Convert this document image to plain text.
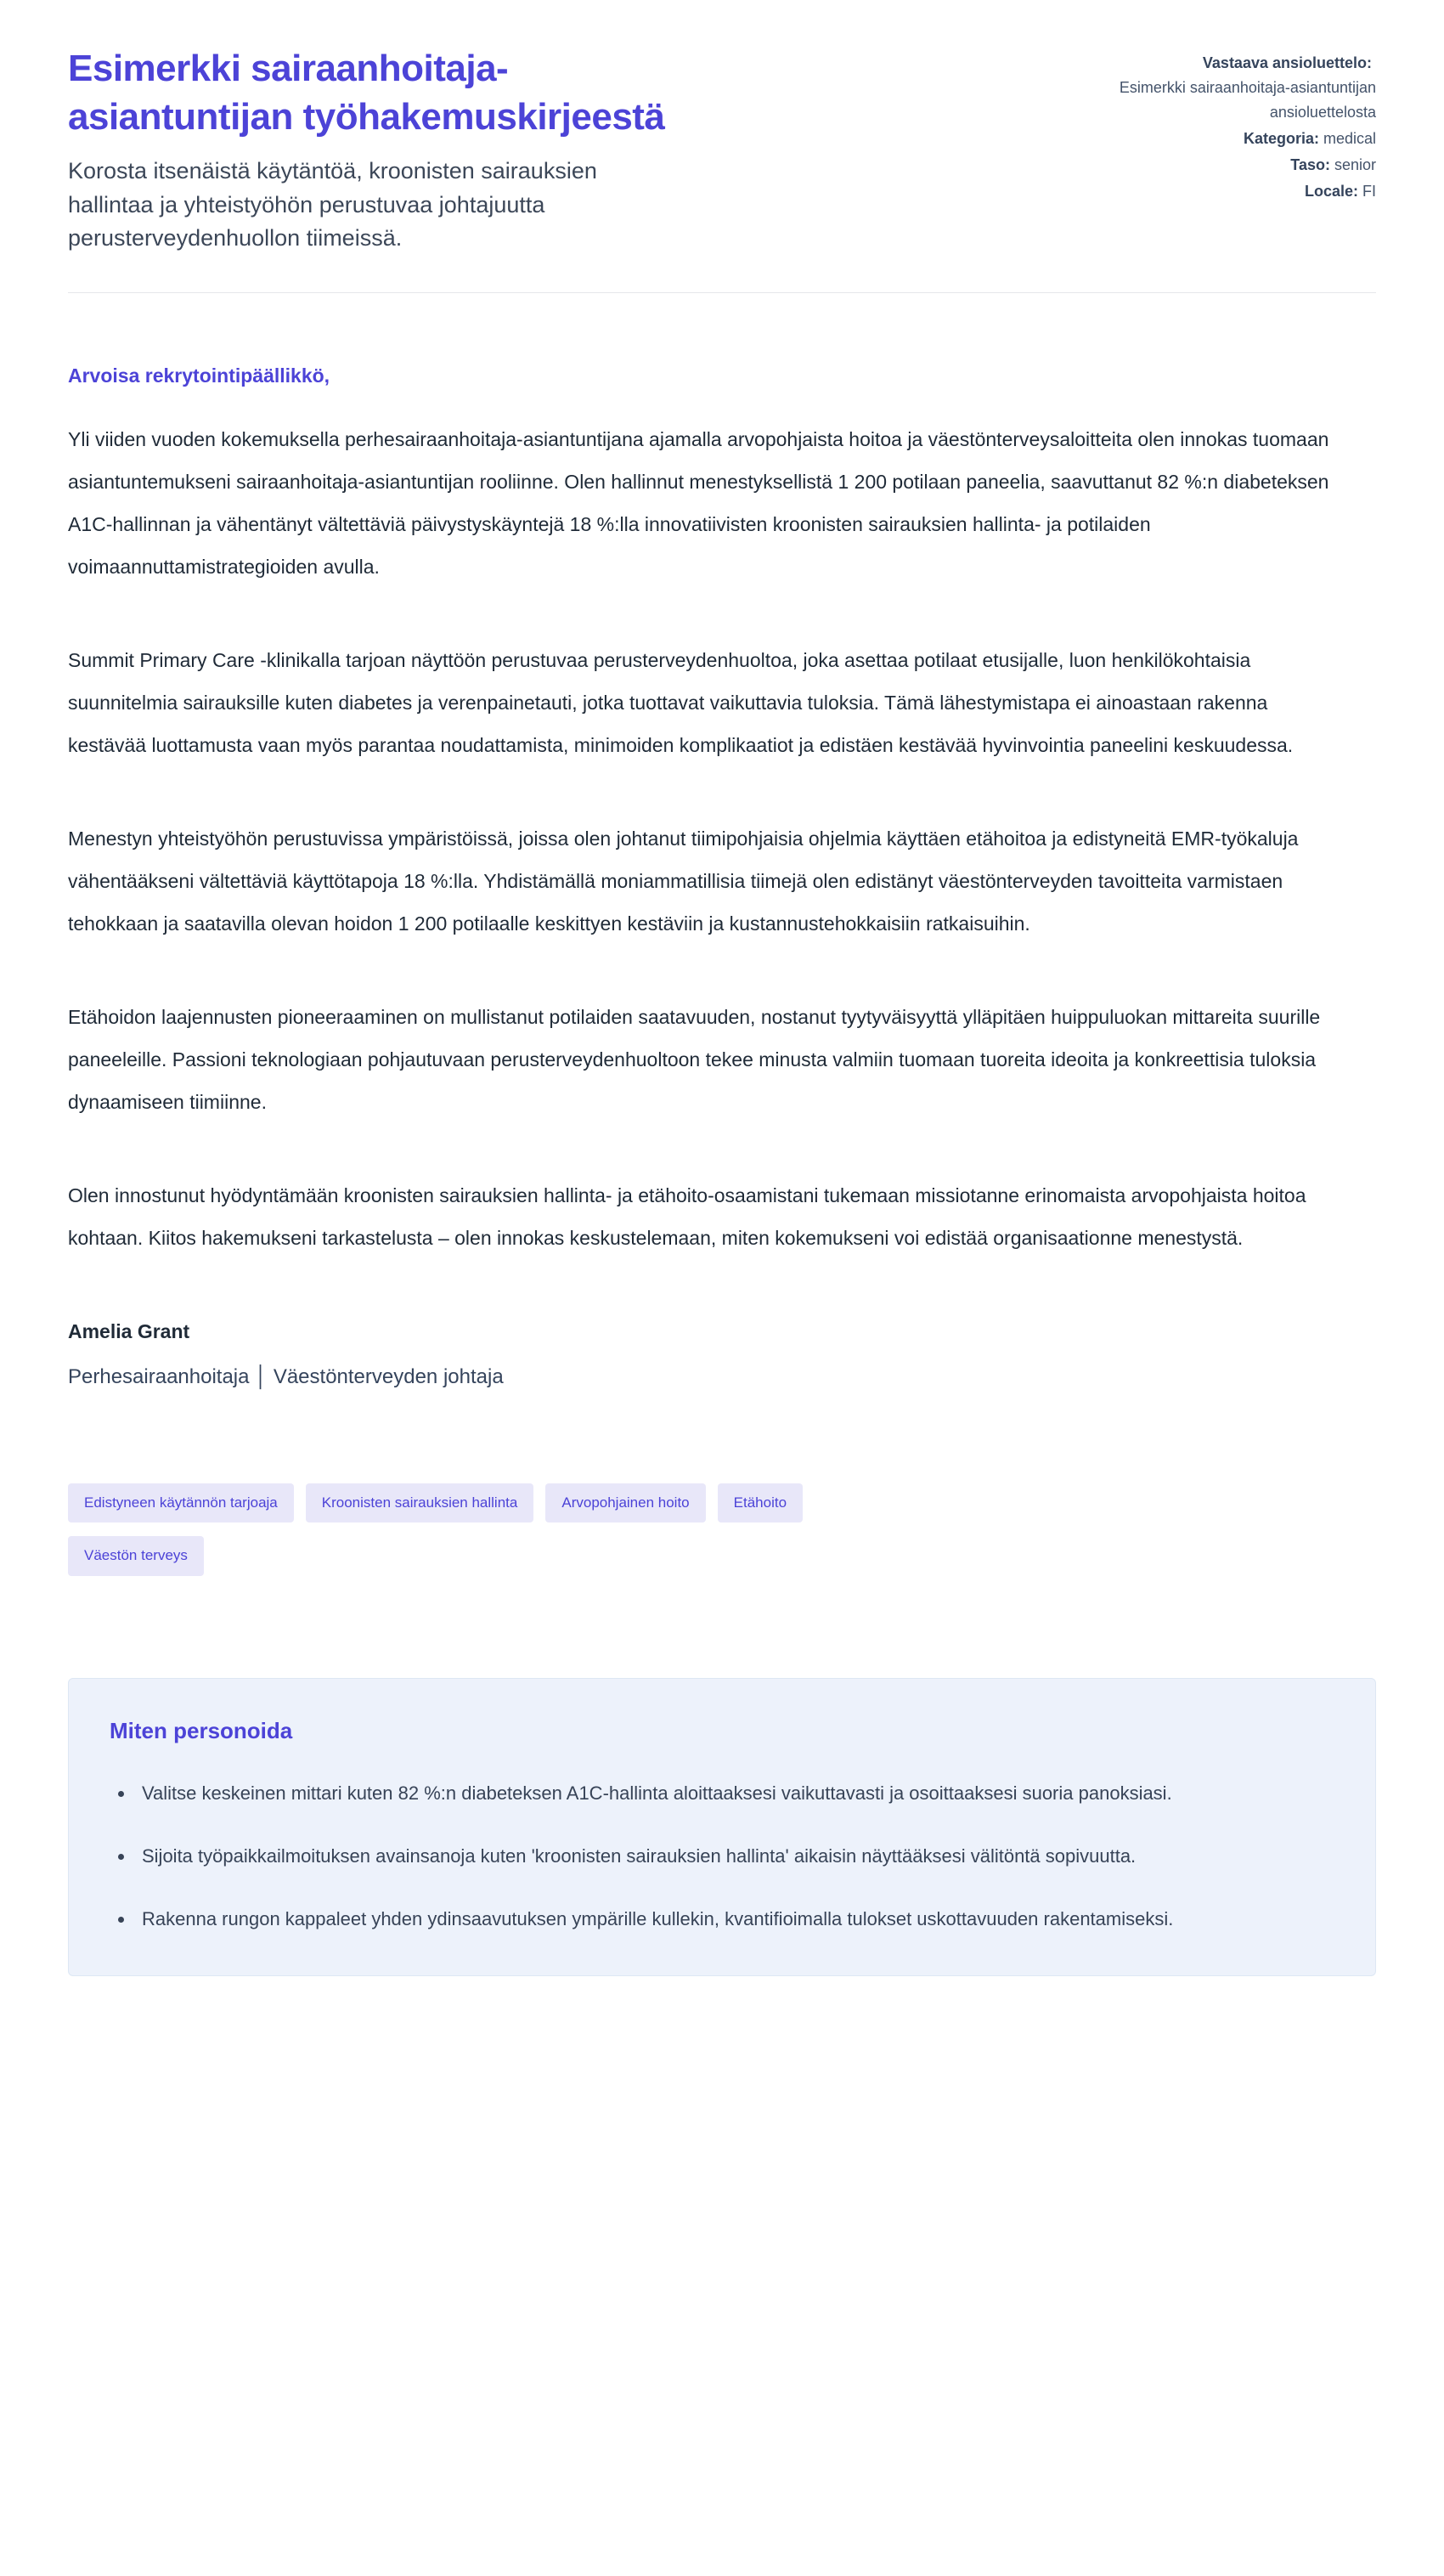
Esimerkki sairaanhoitaja-asiantuntijan työhakemuskirjeestä

Korosta itsenäistä käytäntöä, kroonisten sairauksien hallintaa ja yhteistyöhön perustuvaa johtajuutta perusterveydenhuollon tiimeissä.

Vastaava ansioluettelo:
Esimerkki sairaanhoitaja-asiantuntijan ansioluettelosta
Kategoria: medical
Taso: senior
Locale: FI

Arvoisa rekrytointipäällikkö,

Yli viiden vuoden kokemuksella perhesairaanhoitaja-asiantuntijana ajamalla arvopohjaista hoitoa ja väestönterveysaloitteita olen innokas tuomaan asiantuntemukseni sairaanhoitaja-asiantuntijan rooliinne. Olen hallinnut menestyksellistä 1 200 potilaan paneelia, saavuttanut 82 %:n diabeteksen A1C-hallinnan ja vähentänyt vältettäviä päivystyskäyntejä 18 %:lla innovatiivisten kroonisten sairauksien hallinta- ja potilaiden voimaannuttamistrategioiden avulla.

Summit Primary Care -klinikalla tarjoan näyttöön perustuvaa perusterveydenhuoltoa, joka asettaa potilaat etusijalle, luon henkilökohtaisia suunnitelmia sairauksille kuten diabetes ja verenpainetauti, jotka tuottavat vaikuttavia tuloksia. Tämä lähestymistapa ei ainoastaan rakenna kestävää luottamusta vaan myös parantaa noudattamista, minimoiden komplikaatiot ja edistäen kestävää hyvinvointia paneelini keskuudessa.

Menestyn yhteistyöhön perustuvissa ympäristöissä, joissa olen johtanut tiimipohjaisia ohjelmia käyttäen etähoitoa ja edistyneitä EMR-työkaluja vähentääkseni vältettäviä käyttötapoja 18 %:lla. Yhdistämällä moniammatillisia tiimejä olen edistänyt väestönterveyden tavoitteita varmistaen tehokkaan ja saatavilla olevan hoidon 1 200 potilaalle keskittyen kestäviin ja kustannustehokkaisiin ratkaisuihin.

Etähoidon laajennusten pioneeraaminen on mullistanut potilaiden saatavuuden, nostanut tyytyväisyyttä ylläpitäen huippuluokan mittareita suurille paneeleille. Passioni teknologiaan pohjautuvaan perusterveydenhuoltoon tekee minusta valmiin tuomaan tuoreita ideoita ja konkreettisia tuloksia dynaamiseen tiimiinne.

Olen innostunut hyödyntämään kroonisten sairauksien hallinta- ja etähoito-osaamistani tukemaan missiotanne erinomaista arvopohjaista hoitoa kohtaan. Kiitos hakemukseni tarkastelusta – olen innokas keskustelemaan, miten kokemukseni voi edistää organisaationne menestystä.

Amelia Grant

Perhesairaanhoitaja │ Väestönterveyden johtaja

Edistyneen käytännön tarjoaja	Kroonisten sairauksien hallinta	Arvopohjainen hoito	Etähoito
Väestön terveys
Miten personoida
• Valitse keskeinen mittari kuten 82 %:n diabeteksen A1C-hallinta aloittaaksesi vaikuttavasti ja osoittaaksesi suoria panoksiasi.
• Sijoita työpaikkailmoituksen avainsanoja kuten 'kroonisten sairauksien hallinta' aikaisin näyttääksesi välitöntä sopivuutta.
• Rakenna rungon kappaleet yhden ydinsaavutuksen ympärille kullekin, kvantifioimalla tulokset uskottavuuden rakentamiseksi.
